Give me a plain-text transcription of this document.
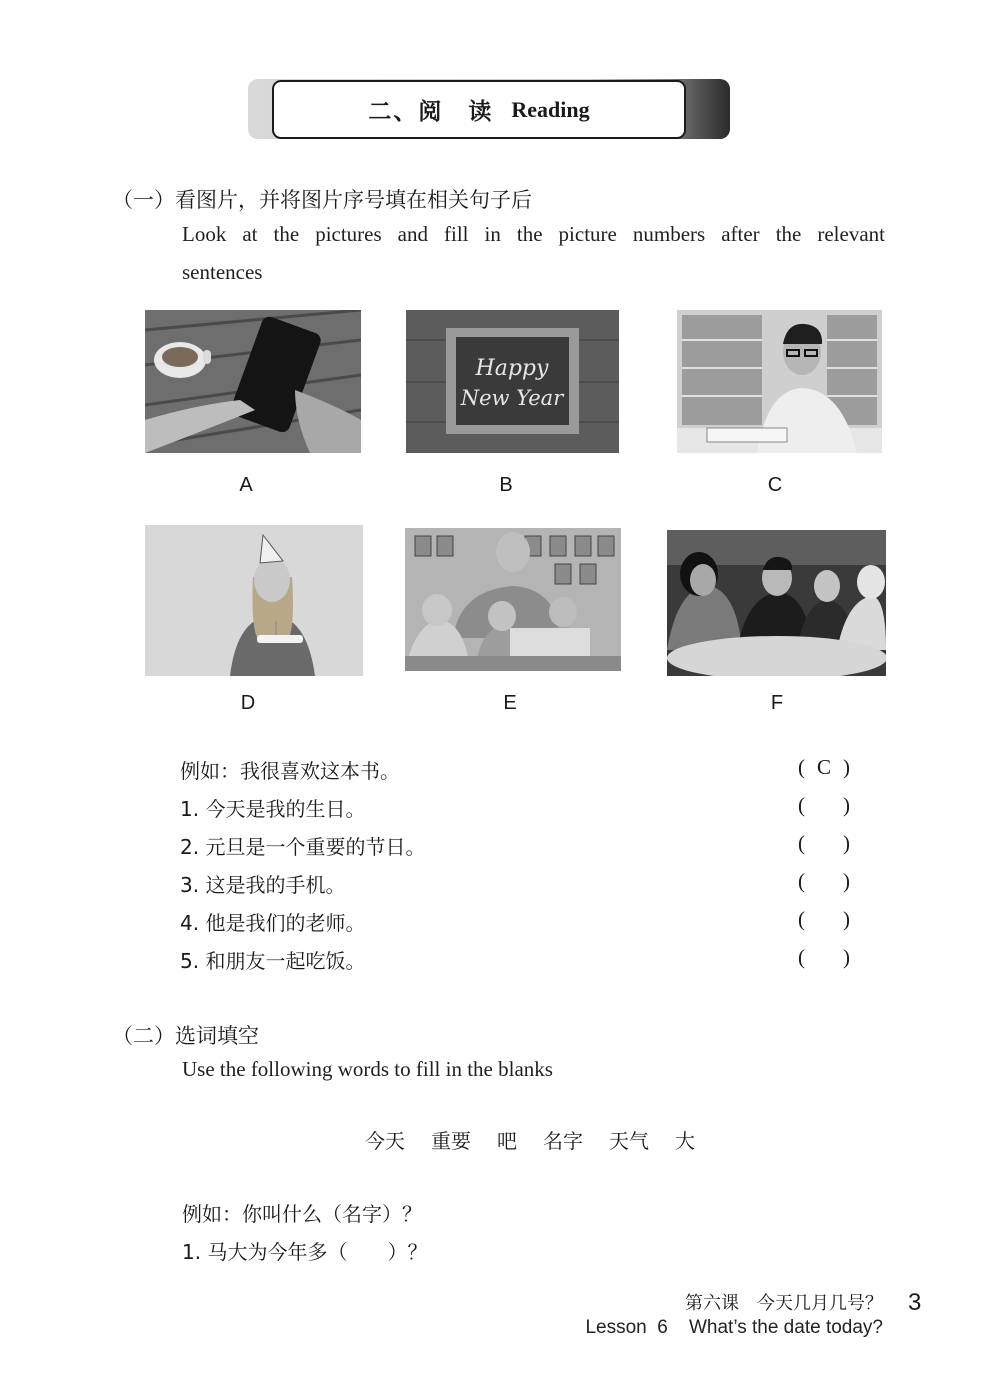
二、阅　读 Reading
（一）看图片，并将图片序号填在相关句子后
Look at the pictures and fill in the picture numbers after the relevant
sentences
A
Happy
New Year
B	C
D	E	F
例如：我很喜欢这本书。	( C )
1. 今天是我的生日。	( )
2. 元旦是一个重要的节日。	( )
3. 这是我的手机。	( )
4. 他是我们的老师。	( )
5. 和朋友一起吃饭。	( )
（二）选词填空
Use the following words to fill in the blanks
今天 重要 吧 名字 天气 大
例如：你叫什么（名字）？
1. 马大为今年多（　　）？
第六课　今天几月几号？
Lesson  6    What’s the date today?
3
